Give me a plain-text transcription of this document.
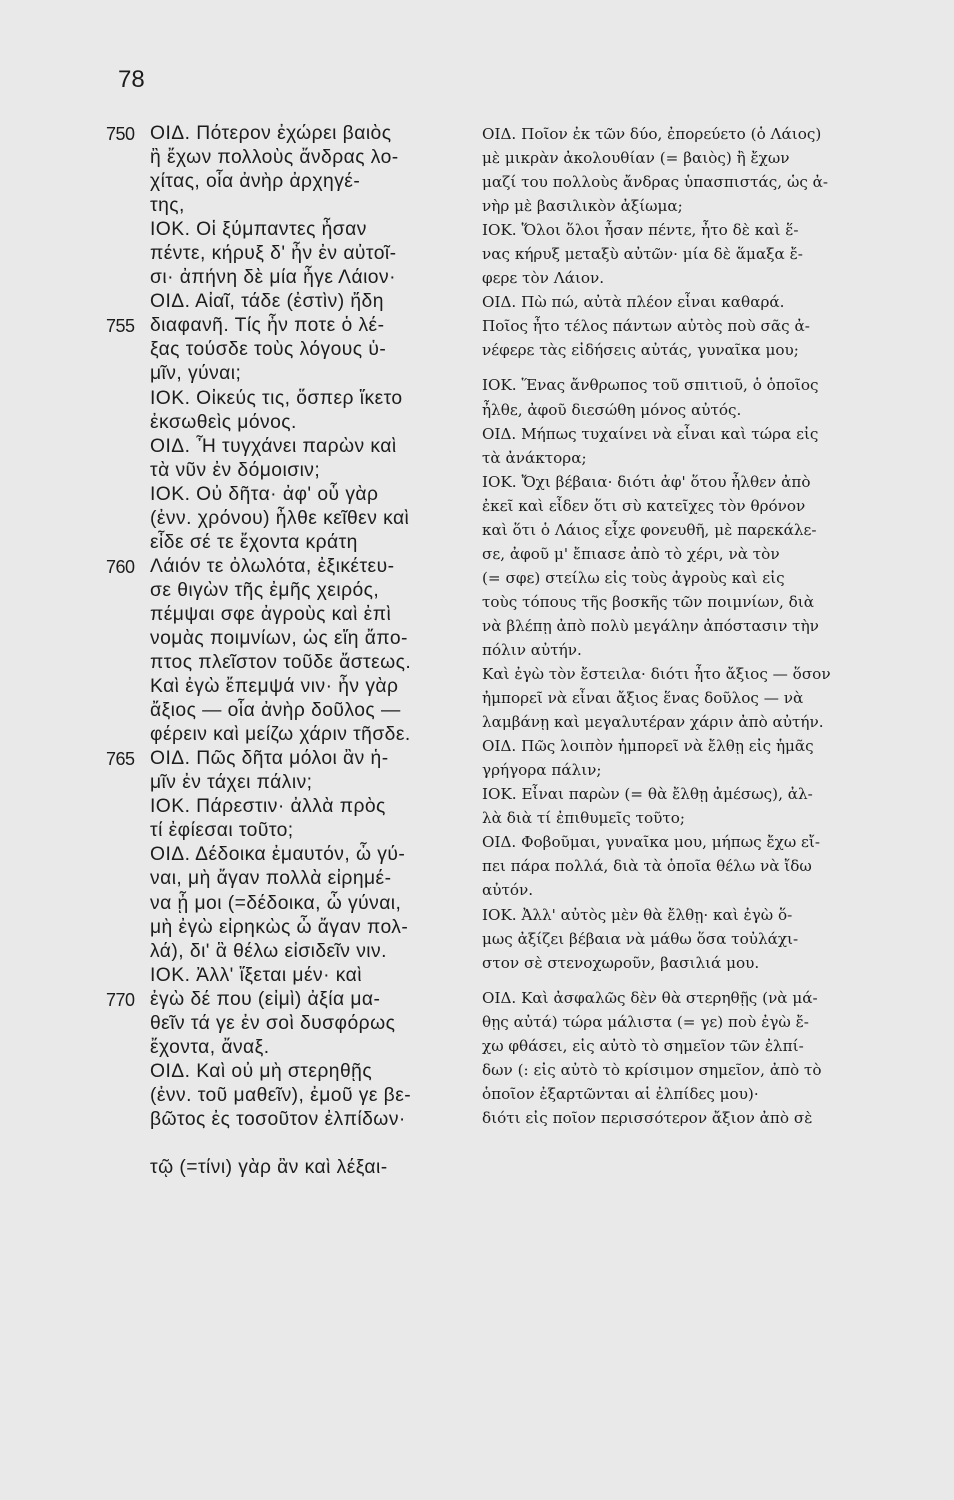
78
750 ΟΙΔ. Πότερον ἐχώρει βαιὸς
ἢ ἔχων πολλοὺς ἄνδρας λο-
χίτας, οἷα ἀνὴρ ἀρχηγέ-
της,
ΙΟΚ. Οἱ ξύμπαντες ἦσαν
πέντε, κήρυξ δ' ἦν ἐν αὐτοῖ-
σι· ἀπήνη δὲ μία ἦγε Λάιον·
ΟΙΔ. Αἰαῖ, τάδε (ἐστὶν) ἤδη
755 διαφανῆ. Τίς ἦν ποτε ὁ λέ-
ξας τούσδε τοὺς λόγους ὑ-
μῖν, γύναι;
ΙΟΚ. Οἰκεύς τις, ὅσπερ ἵκετο
ἐκσωθεὶς μόνος.
ΟΙΔ. Ἦ τυγχάνει παρὼν καὶ
τὰ νῦν ἐν δόμοισιν;
ΙΟΚ. Οὐ δῆτα· ἀφ' οὗ γὰρ
(ἐνν. χρόνου) ἦλθε κεῖθεν καὶ
εἶδε σέ τε ἔχοντα κράτη
760 Λάιόν τε ὀλωλότα, ἐξικέτευ-
σε θιγὼν τῆς ἐμῆς χειρός,
πέμψαι σφε ἀγροὺς καὶ ἐπὶ
νομὰς ποιμνίων, ὡς εἴη ἄπο-
πτος πλεῖστον τοῦδε ἄστεως.
Καὶ ἐγὼ ἔπεμψά νιν· ἦν γὰρ
ἄξιος — οἷα ἀνὴρ δοῦλος —
φέρειν καὶ μείζω χάριν τῆσδε.
765 ΟΙΔ. Πῶς δῆτα μόλοι ἂν ἡ-
μῖν ἐν τάχει πάλιν;
ΙΟΚ. Πάρεστιν· ἀλλὰ πρὸς
τί ἐφίεσαι τοῦτο;
ΟΙΔ. Δέδοικα ἐμαυτόν, ὦ γύ-
ναι, μὴ ἄγαν πολλὰ εἰρημέ-
να ᾖ μοι (=δέδοικα, ὦ γύναι,
μὴ ἐγὼ εἰρηκὼς ὦ ἄγαν πολ-
λά), δι' ἃ θέλω εἰσιδεῖν νιν.
ΙΟΚ. Ἀλλ' ἵξεται μέν· καὶ
770 ἐγὼ δέ που (εἰμὶ) ἀξία μα-
θεῖν τά γε ἐν σοὶ δυσφόρως
ἔχοντα, ἄναξ.
ΟΙΔ. Καὶ οὐ μὴ στερηθῇς
(ἐνν. τοῦ μαθεῖν), ἐμοῦ γε βε-
βῶτος ἐς τοσοῦτον ἐλπίδων·
τῷ (=τίνι) γὰρ ἂν καὶ λέξαι-
ΟΙΔ. Ποῖον ἐκ τῶν δύο, ἐπορεύετο (ὁ Λάιος)
μὲ μικρὰν ἀκολουθίαν (= βαιὸς) ἢ ἔχων
μαζί του πολλοὺς ἄνδρας ὑπασπιστάς, ὡς ἀ-
νὴρ μὲ βασιλικὸν ἀξίωμα;
ΙΟΚ. Ὅλοι ὅλοι ἦσαν πέντε, ἦτο δὲ καὶ ἕ-
νας κήρυξ μεταξὺ αὐτῶν· μία δὲ ἅμαξα ἔ-
φερε τὸν Λάιον.
ΟΙΔ. Πὼ πώ, αὐτὰ πλέον εἶναι καθαρά.
Ποῖος ἦτο τέλος πάντων αὐτὸς ποὺ σᾶς ἀ-
νέφερε τὰς εἰδήσεις αὐτάς, γυναῖκα μου;
ΙΟΚ. Ἕνας ἄνθρωπος τοῦ σπιτιοῦ, ὁ ὁποῖος
ἦλθε, ἀφοῦ διεσώθη μόνος αὐτός.
ΟΙΔ. Μήπως τυχαίνει νὰ εἶναι καὶ τώρα εἰς
τὰ ἀνάκτορα;
ΙΟΚ. Ὄχι βέβαια· διότι ἀφ' ὅτου ἦλθεν ἀπὸ
ἐκεῖ καὶ εἶδεν ὅτι σὺ κατεῖχες τὸν θρόνον
καὶ ὅτι ὁ Λάιος εἶχε φονευθῆ, μὲ παρεκάλε-
σε, ἀφοῦ μ' ἔπιασε ἀπὸ τὸ χέρι, νὰ τὸν
(= σφε) στείλω εἰς τοὺς ἀγροὺς καὶ εἰς
τοὺς τόπους τῆς βοσκῆς τῶν ποιμνίων, διὰ
νὰ βλέπῃ ἀπὸ πολὺ μεγάλην ἀπόστασιν τὴν
πόλιν αὐτήν.
Καὶ ἐγὼ τὸν ἔστειλα· διότι ἦτο ἄξιος — ὅσον
ἠμπορεῖ νὰ εἶναι ἄξιος ἕνας δοῦλος — νὰ
λαμβάνῃ καὶ μεγαλυτέραν χάριν ἀπὸ αὐτήν.
ΟΙΔ. Πῶς λοιπὸν ἠμπορεῖ νὰ ἔλθῃ εἰς ἡμᾶς
γρήγορα πάλιν;
ΙΟΚ. Εἶναι παρὼν (= θὰ ἔλθῃ ἀμέσως), ἀλ-
λὰ διὰ τί ἐπιθυμεῖς τοῦτο;
ΟΙΔ. Φοβοῦμαι, γυναῖκα μου, μήπως ἔχω εἴ-
πει πάρα πολλά, διὰ τὰ ὁποῖα θέλω νὰ ἴδω
αὐτόν.
ΙΟΚ. Ἀλλ' αὐτὸς μὲν θὰ ἔλθῃ· καὶ ἐγὼ ὅ-
μως ἀξίζει βέβαια νὰ μάθω ὅσα τοὐλάχι-
στον σὲ στενοχωροῦν, βασιλιά μου.
ΟΙΔ. Καὶ ἀσφαλῶς δὲν θὰ στερηθῇς (νὰ μά-
θῃς αὐτά) τώρα μάλιστα (= γε) ποὺ ἐγὼ ἔ-
χω φθάσει, εἰς αὐτὸ τὸ σημεῖον τῶν ἐλπί-
δων (: εἰς αὐτὸ τὸ κρίσιμον σημεῖον, ἀπὸ τὸ
ὁποῖον ἐξαρτῶνται αἱ ἐλπίδες μου)·
διότι εἰς ποῖον περισσότερον ἄξιον ἀπὸ σὲ
